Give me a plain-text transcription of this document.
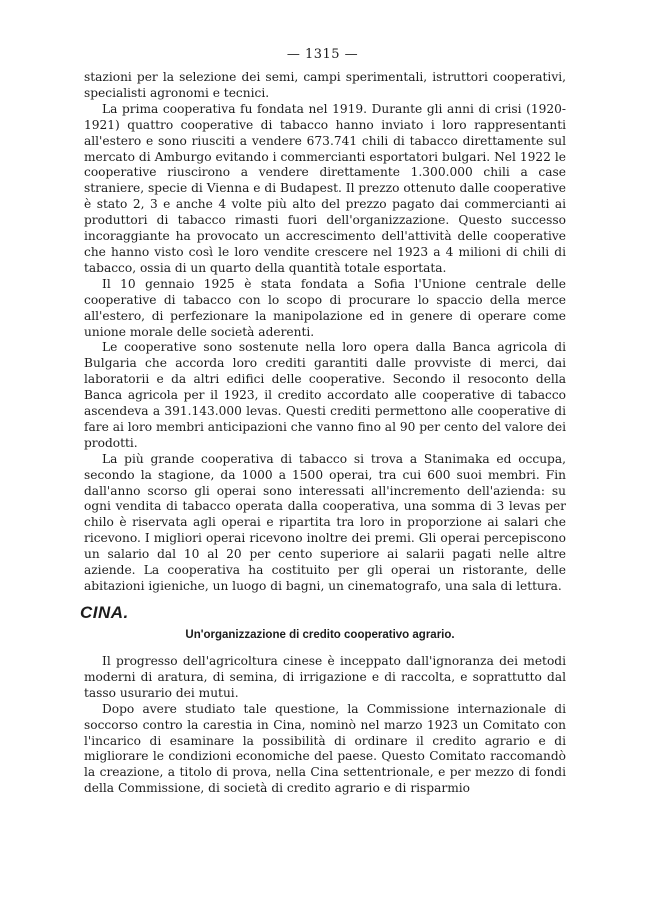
— 1315 —

stazioni per la selezione dei semi, campi sperimentali, istruttori cooperativi, specialisti agronomi e tecnici.

La prima cooperativa fu fondata nel 1919. Durante gli anni di crisi (1920-1921) quattro cooperative di tabacco hanno inviato i loro rappresentanti all'estero e sono riusciti a vendere 673.741 chili di tabacco direttamente sul mercato di Amburgo evitando i commercianti esportatori bulgari. Nel 1922 le cooperative riuscirono a vendere direttamente 1.300.000 chili a case straniere, specie di Vienna e di Budapest. Il prezzo ottenuto dalle cooperative è stato 2, 3 e anche 4 volte più alto del prezzo pagato dai commercianti ai produttori di tabacco rimasti fuori dell'organizzazione. Questo successo incoraggiante ha provocato un accrescimento dell'attività delle cooperative che hanno visto così le loro vendite crescere nel 1923 a 4 milioni di chili di tabacco, ossia di un quarto della quantità totale esportata.

Il 10 gennaio 1925 è stata fondata a Sofia l'Unione centrale delle cooperative di tabacco con lo scopo di procurare lo spaccio della merce all'estero, di perfezionare la manipolazione ed in genere di operare come unione morale delle società aderenti.

Le cooperative sono sostenute nella loro opera dalla Banca agricola di Bulgaria che accorda loro crediti garantiti dalle provviste di merci, dai laboratorii e da altri edifici delle cooperative. Secondo il resoconto della Banca agricola per il 1923, il credito accordato alle cooperative di tabacco ascendeva a 391.143.000 levas. Questi crediti permettono alle cooperative di fare ai loro membri anticipazioni che vanno fino al 90 per cento del valore dei prodotti.

La più grande cooperativa di tabacco si trova a Stanimaka ed occupa, secondo la stagione, da 1000 a 1500 operai, tra cui 600 suoi membri. Fin dall'anno scorso gli operai sono interessati all'incremento dell'azienda: su ogni vendita di tabacco operata dalla cooperativa, una somma di 3 levas per chilo è riservata agli operai e ripartita tra loro in proporzione ai salari che ricevono. I migliori operai ricevono inoltre dei premi. Gli operai percepiscono un salario dal 10 al 20 per cento superiore ai salarii pagati nelle altre aziende. La cooperativa ha costituito per gli operai un ristorante, delle abitazioni igieniche, un luogo di bagni, un cinematografo, una sala di lettura.

CINA.
Un'organizzazione di credito cooperativo agrario.

Il progresso dell'agricoltura cinese è inceppato dall'ignoranza dei metodi moderni di aratura, di semina, di irrigazione e di raccolta, e soprattutto dal tasso usurario dei mutui.

Dopo avere studiato tale questione, la Commissione internazionale di soccorso contro la carestia in Cina, nominò nel marzo 1923 un Comitato con l'incarico di esaminare la possibilità di ordinare il credito agrario e di migliorare le condizioni economiche del paese. Questo Comitato raccomandò la creazione, a titolo di prova, nella Cina settentrionale, e per mezzo di fondi della Commissione, di società di credito agrario e di risparmio
